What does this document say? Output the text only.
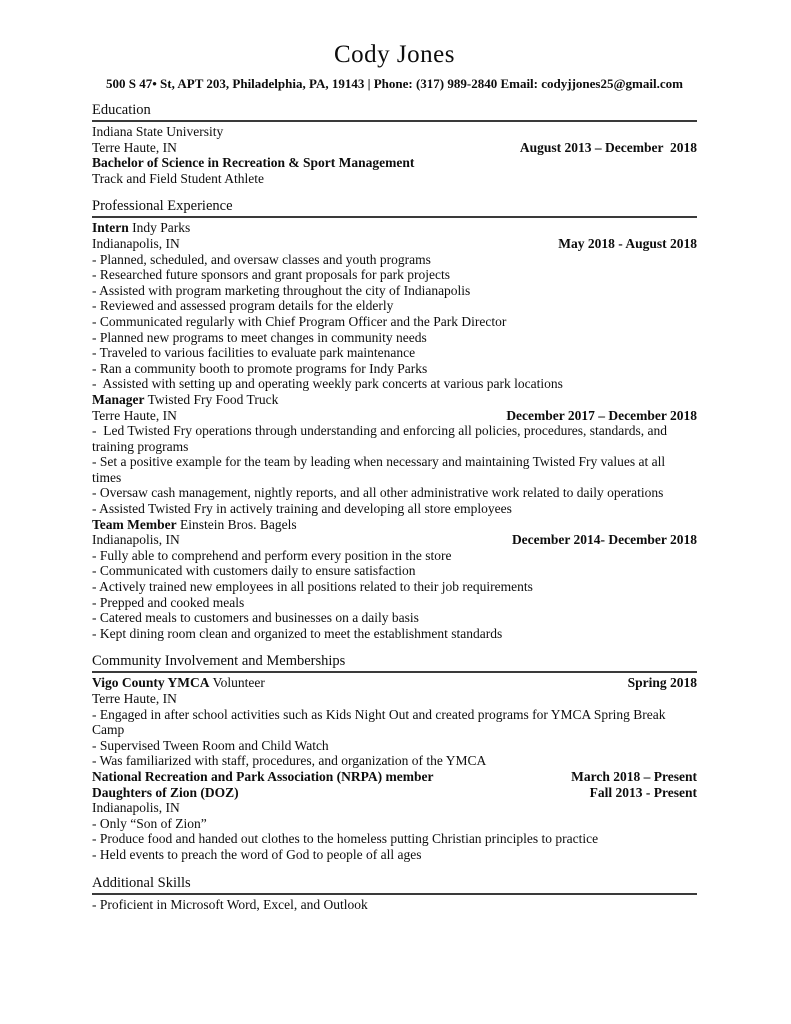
Cody Jones
500 S 47• St, APT 203, Philadelphia, PA, 19143 | Phone: (317) 989-2840 Email: codyjjones25@gmail.com
Education
Indiana State University
Terre Haute, IN	August 2013 – December  2018
Bachelor of Science in Recreation & Sport Management
Track and Field Student Athlete
Professional Experience
Intern Indy Parks
Indianapolis, IN	May 2018 - August 2018
- Planned, scheduled, and oversaw classes and youth programs
- Researched future sponsors and grant proposals for park projects
- Assisted with program marketing throughout the city of Indianapolis
- Reviewed and assessed program details for the elderly
- Communicated regularly with Chief Program Officer and the Park Director
- Planned new programs to meet changes in community needs
- Traveled to various facilities to evaluate park maintenance
- Ran a community booth to promote programs for Indy Parks
-  Assisted with setting up and operating weekly park concerts at various park locations
Manager Twisted Fry Food Truck
Terre Haute, IN	December 2017 – December 2018
-  Led Twisted Fry operations through understanding and enforcing all policies, procedures, standards, and training programs
- Set a positive example for the team by leading when necessary and maintaining Twisted Fry values at all times
- Oversaw cash management, nightly reports, and all other administrative work related to daily operations
- Assisted Twisted Fry in actively training and developing all store employees
Team Member Einstein Bros. Bagels
Indianapolis, IN	December 2014- December 2018
- Fully able to comprehend and perform every position in the store
- Communicated with customers daily to ensure satisfaction
- Actively trained new employees in all positions related to their job requirements
- Prepped and cooked meals
- Catered meals to customers and businesses on a daily basis
- Kept dining room clean and organized to meet the establishment standards
Community Involvement and Memberships
Vigo County YMCA Volunteer	Spring 2018
Terre Haute, IN
- Engaged in after school activities such as Kids Night Out and created programs for YMCA Spring Break Camp
- Supervised Tween Room and Child Watch
- Was familiarized with staff, procedures, and organization of the YMCA
National Recreation and Park Association (NRPA) member	March 2018 – Present
Daughters of Zion (DOZ)	Fall 2013 - Present
Indianapolis, IN
- Only “Son of Zion”
- Produce food and handed out clothes to the homeless putting Christian principles to practice
- Held events to preach the word of God to people of all ages
Additional Skills
- Proficient in Microsoft Word, Excel, and Outlook
